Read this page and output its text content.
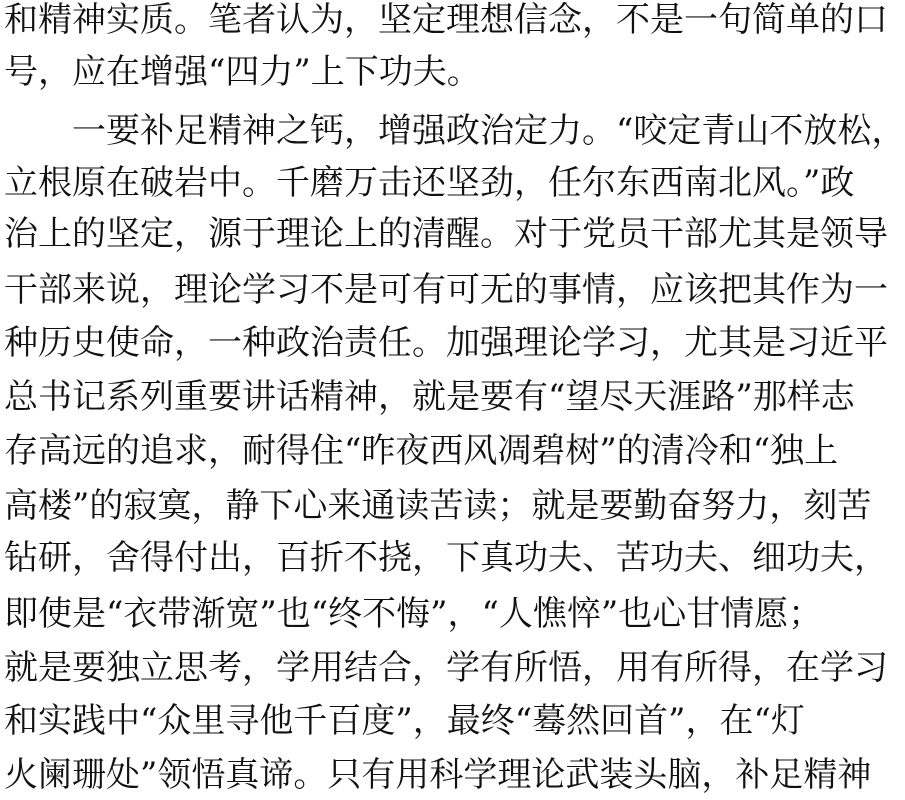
和精神实质。笔者认为，坚定理想信念，不是一句简单的口
号，应在增强“四力”上下功夫。
一要补足精神之钙，增强政治定力。“咬定青山不放松，
立根原在破岩中。千磨万击还坚劲，任尔东西南北风。”政
治上的坚定，源于理论上的清醒。对于党员干部尤其是领导
干部来说，理论学习不是可有可无的事情，应该把其作为一
种历史使命，一种政治责任。加强理论学习，尤其是习近平
总书记系列重要讲话精神，就是要有“望尽天涯路”那样志
存高远的追求，耐得住“昨夜西风凋碧树”的清冷和“独上
高楼”的寂寞，静下心来通读苦读；就是要勤奋努力，刻苦
钻研，舍得付出，百折不挠，下真功夫、苦功夫、细功夫，
即使是“衣带渐宽”也“终不悔”，“人憔悴”也心甘情愿；
就是要独立思考，学用结合，学有所悟，用有所得，在学习
和实践中“众里寻他千百度”，最终“蓦然回首”，在“灯
火阑珊处”领悟真谛。只有用科学理论武装头脑，补足精神
